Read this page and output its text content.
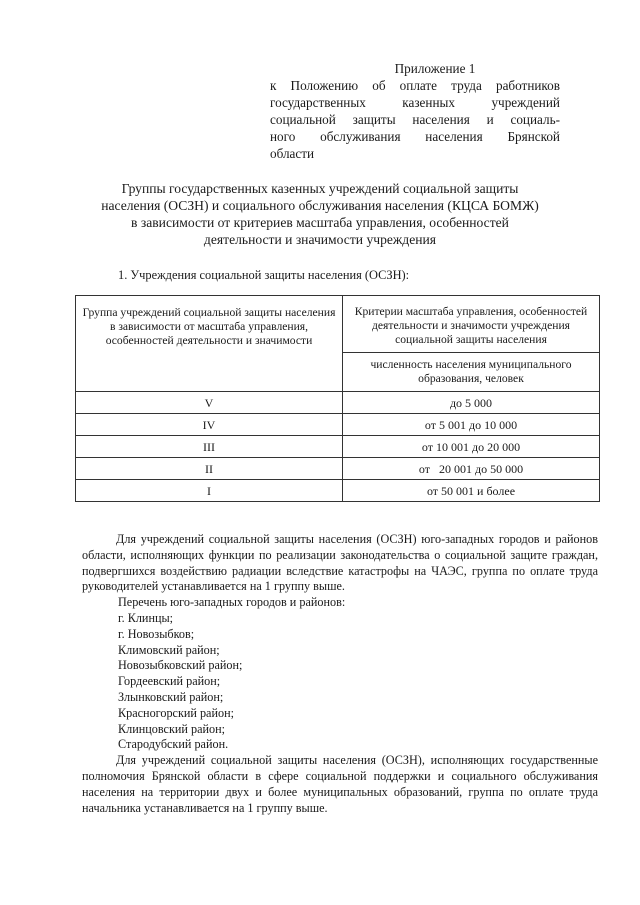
Приложение 1
к Положению об оплате труда работников
государственных казенных учреждений
социальной защиты населения и социаль-
ного обслуживания населения Брянской
области
Группы государственных казенных учреждений социальной защиты
населения (ОСЗН) и социального обслуживания населения (КЦСА БОМЖ)
в зависимости от критериев масштаба управления, особенностей
деятельности и значимости учреждения
1. Учреждения социальной защиты населения (ОСЗН):
Группа учреждений социальной защиты населения в зависимости от масштаба управления, особенностей деятельности и значимости	Критерии масштаба управления, особенностей деятельности и значимости учреждения социальной защиты населения
	численность населения муниципального образования, человек
V	до 5 000
IV	от 5 001 до 10 000
III	от 10 001 до 20 000
II	от   20 001 до 50 000
I	от 50 001 и более
Для учреждений социальной защиты населения (ОСЗН) юго-западных городов и районов области, исполняющих функции по реализации законодательства о социальной защите граждан, подвергшихся воздействию радиации вследствие катастрофы на ЧАЭС, группа по оплате труда руководителей устанавливается на 1 группу выше.
Перечень юго-западных городов и районов:
г. Клинцы;
г. Новозыбков;
Климовский район;
Новозыбковский район;
Гордеевский район;
Злынковский район;
Красногорский район;
Клинцовский район;
Стародубский район.
Для учреждений социальной защиты населения (ОСЗН), исполняющих государственные полномочия Брянской области в сфере социальной поддержки и социального обслуживания населения на территории двух и более муниципальных образований, группа по оплате труда начальника устанавливается на 1 группу выше.
